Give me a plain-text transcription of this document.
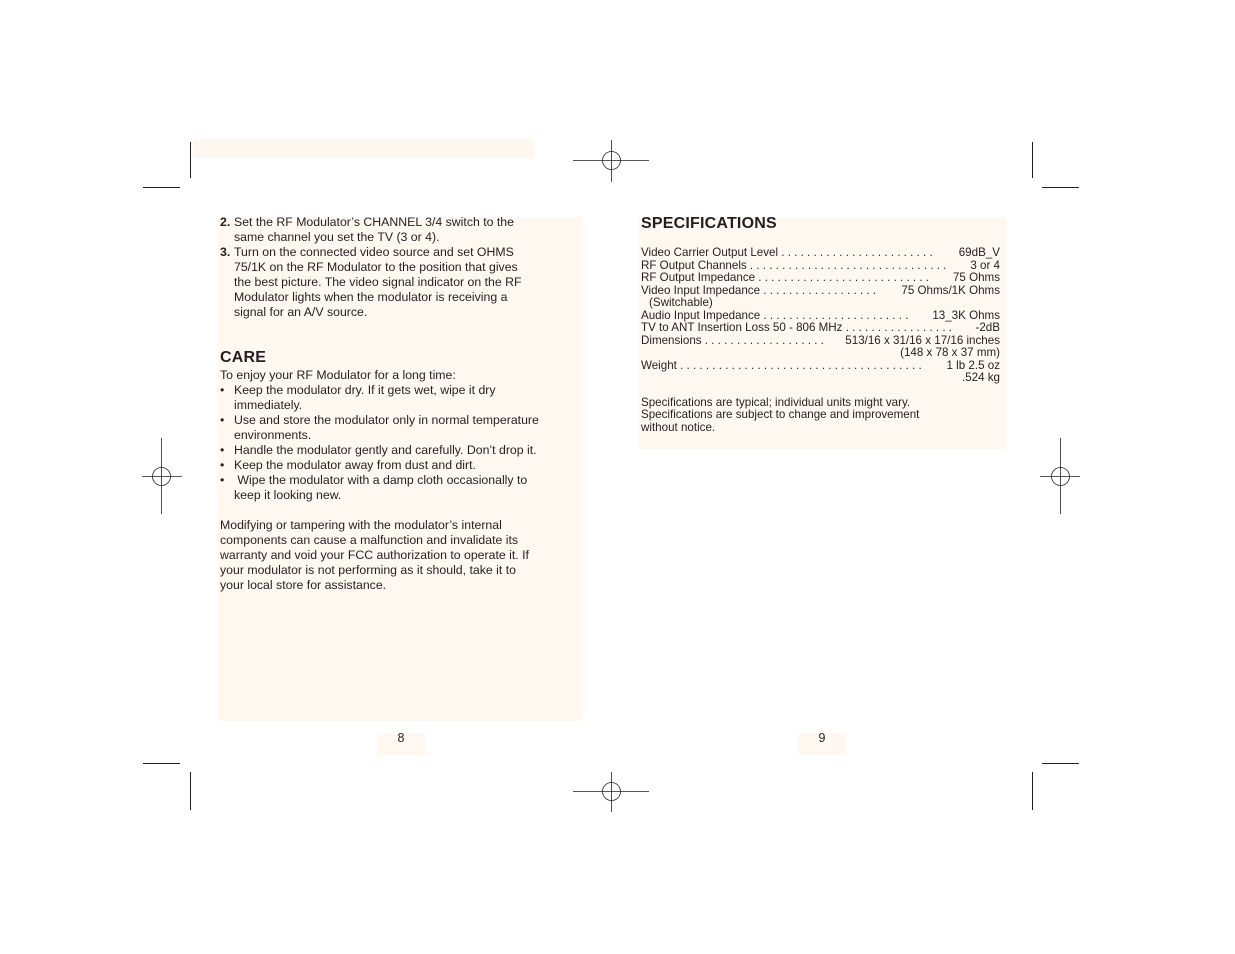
2. Set the RF Modulator’s CHANNEL 3/4 switch to the

same channel you set the TV (3 or 4).

3. Turn on the connected video source and set OHMS

75/1K on the RF Modulator to the position that gives

the best picture. The video signal indicator on the RF

Modulator lights when the modulator is receiving a

signal for an A/V source.

CARE

To enjoy your RF Modulator for a long time:

• Keep the modulator dry. If it gets wet, wipe it dry

immediately.

• Use and store the modulator only in normal temperature

environments.

• Handle the modulator gently and carefully. Don’t drop it.

• Keep the modulator away from dust and dirt.

• Wipe the modulator with a damp cloth occasionally to

keep it looking new.

Modifying or tampering with the modulator’s internal

components can cause a malfunction and invalidate its

warranty and void your FCC authorization to operate it. If

your modulator is not performing as it should, take it to

your local store for assistance.

8
SPECIFICATIONS
Video Carrier Output Level . . . . . . . . . . . . . . . . . . . . . . . . 69dB_V
RF Output Channels . . . . . . . . . . . . . . . . . . . . . . . . . . . . . . . 3 or 4
RF Output Impedance . . . . . . . . . . . . . . . . . . . . . . . . . . . 75 Ohms
Video Input Impedance . . . . . . . . . . . . . . . . . . 75 Ohms/1K Ohms
(Switchable)
Audio Input Impedance . . . . . . . . . . . . . . . . . . . . . . . 13_3K Ohms
TV to ANT Insertion Loss 50 - 806 MHz . . . . . . . . . . . . . . . . . -2dB
Dimensions . . . . . . . . . . . . . . . . . . . 513/16 x 31/16 x 17/16 inches
(148 x 78 x 37 mm)
Weight . . . . . . . . . . . . . . . . . . . . . . . . . . . . . . . . . . . . . . 1 lb 2.5 oz
.524 kg

Specifications are typical; individual units might vary.

Specifications are subject to change and improvement

without notice.

9
